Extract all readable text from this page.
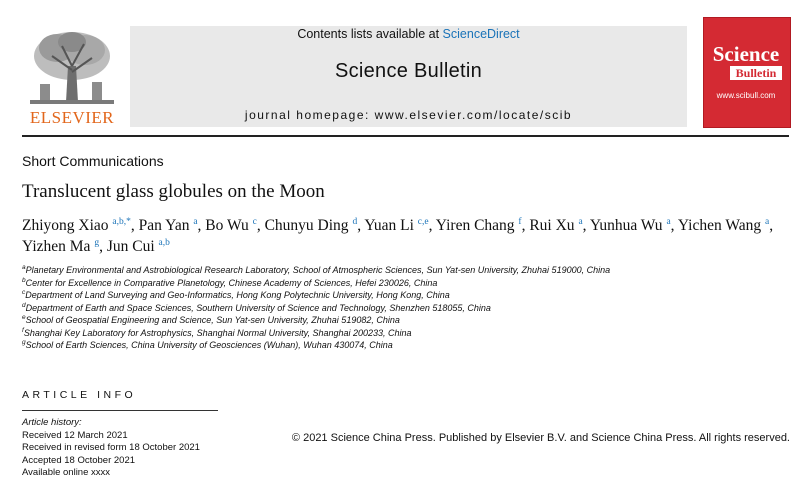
ELSEVIER
Contents lists available at ScienceDirect
Science Bulletin
journal homepage: www.elsevier.com/locate/scib
Science
Bulletin
www.scibull.com
Short Communications
Translucent glass globules on the Moon
Zhiyong Xiao $^{a,b,*}$, Pan Yan $^a$, Bo Wu $^c$, Chunyu Ding $^d$, Yuan Li $^{c,e}$, Yiren Chang $^f$, Rui Xu $^a$, Yunhua Wu $^a$, Yichen Wang $^a$, Yizhen Ma $^g$, Jun Cui $^{a,b}$
$^a$Planetary Environmental and Astrobiological Research Laboratory, School of Atmospheric Sciences, Sun Yat-sen University, Zhuhai 519000, China
$^b$Center for Excellence in Comparative Planetology, Chinese Academy of Sciences, Hefei 230026, China
$^c$Department of Land Surveying and Geo-Informatics, Hong Kong Polytechnic University, Hong Kong, China
$^d$Department of Earth and Space Sciences, Southern University of Science and Technology, Shenzhen 518055, China
$^e$School of Geospatial Engineering and Science, Sun Yat-sen University, Zhuhai 519082, China
$^f$Shanghai Key Laboratory for Astrophysics, Shanghai Normal University, Shanghai 200233, China
$^g$School of Earth Sciences, China University of Geosciences (Wuhan), Wuhan 430074, China
ARTICLE INFO
Article history:
Received 12 March 2021
Received in revised form 18 October 2021
Accepted 18 October 2021
Available online xxxx
© 2021 Science China Press. Published by Elsevier B.V. and Science China Press. All rights reserved.
